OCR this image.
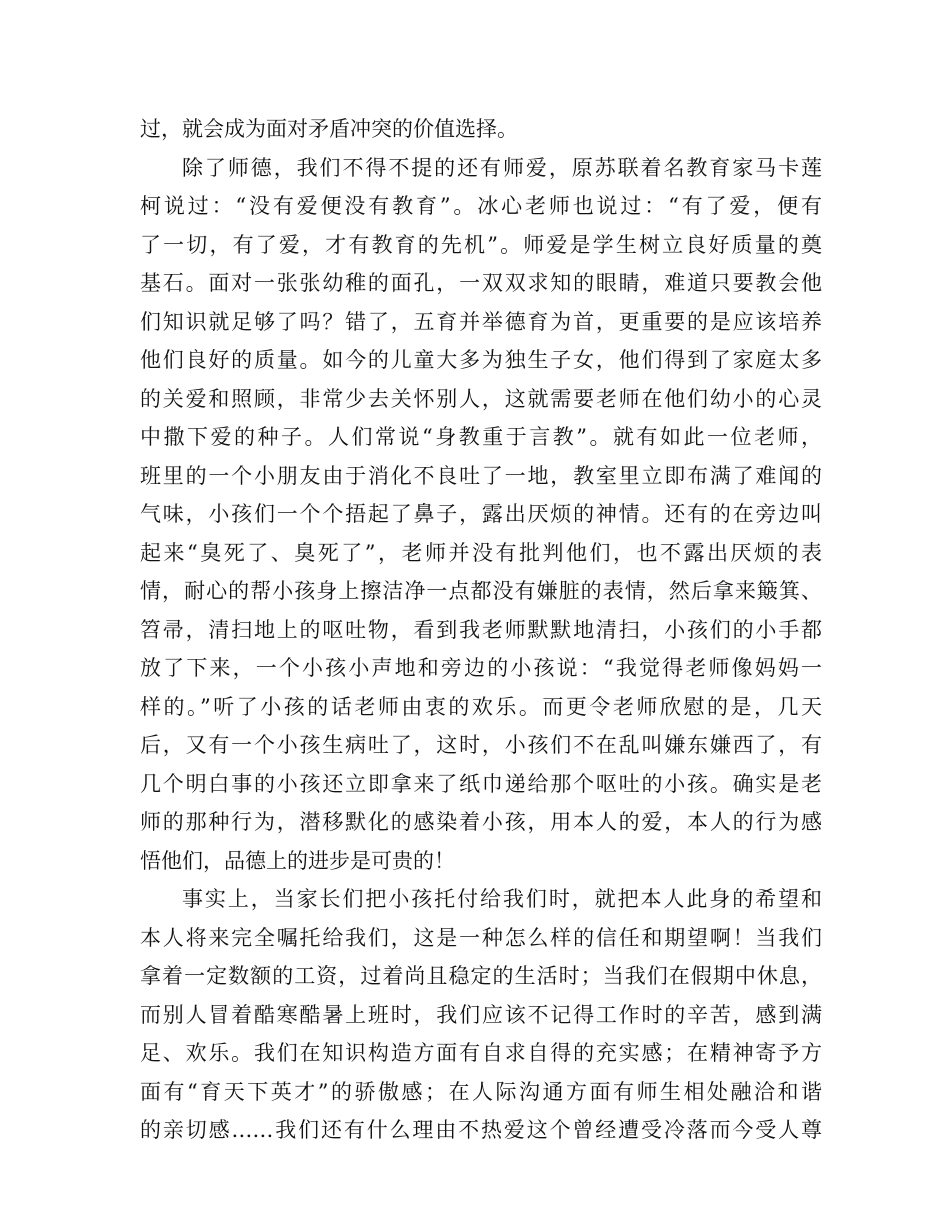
过，就会成为面对矛盾冲突的价值选择。
除了师德，我们不得不提的还有师爱，原苏联着名教育家马卡莲
柯说过：“没有爱便没有教育”。冰心老师也说过：“有了爱，便有
了一切，有了爱，才有教育的先机”。师爱是学生树立良好质量的奠
基石。面对一张张幼稚的面孔，一双双求知的眼睛，难道只要教会他
们知识就足够了吗？错了，五育并举德育为首，更重要的是应该培养
他们良好的质量。如今的儿童大多为独生子女，他们得到了家庭太多
的关爱和照顾，非常少去关怀别人，这就需要老师在他们幼小的心灵
中撒下爱的种子。人们常说“身教重于言教”。就有如此一位老师，
班里的一个小朋友由于消化不良吐了一地，教室里立即布满了难闻的
气味，小孩们一个个捂起了鼻子，露出厌烦的神情。还有的在旁边叫
起来“臭死了、臭死了”，老师并没有批判他们，也不露出厌烦的表
情，耐心的帮小孩身上擦洁净一点都没有嫌脏的表情，然后拿来簸箕、
笤帚，清扫地上的呕吐物，看到我老师默默地清扫，小孩们的小手都
放了下来，一个小孩小声地和旁边的小孩说：“我觉得老师像妈妈一
样的。”听了小孩的话老师由衷的欢乐。而更令老师欣慰的是，几天
后，又有一个小孩生病吐了，这时，小孩们不在乱叫嫌东嫌西了，有
几个明白事的小孩还立即拿来了纸巾递给那个呕吐的小孩。确实是老
师的那种行为，潜移默化的感染着小孩，用本人的爱，本人的行为感
悟他们，品德上的进步是可贵的！
事实上，当家长们把小孩托付给我们时，就把本人此身的希望和
本人将来完全嘱托给我们，这是一种怎么样的信任和期望啊！当我们
拿着一定数额的工资，过着尚且稳定的生活时；当我们在假期中休息，
而别人冒着酷寒酷暑上班时，我们应该不记得工作时的辛苦，感到满
足、欢乐。我们在知识构造方面有自求自得的充实感；在精神寄予方
面有“育天下英才”的骄傲感；在人际沟通方面有师生相处融洽和谐
的亲切感……我们还有什么理由不热爱这个曾经遭受冷落而今受人尊
